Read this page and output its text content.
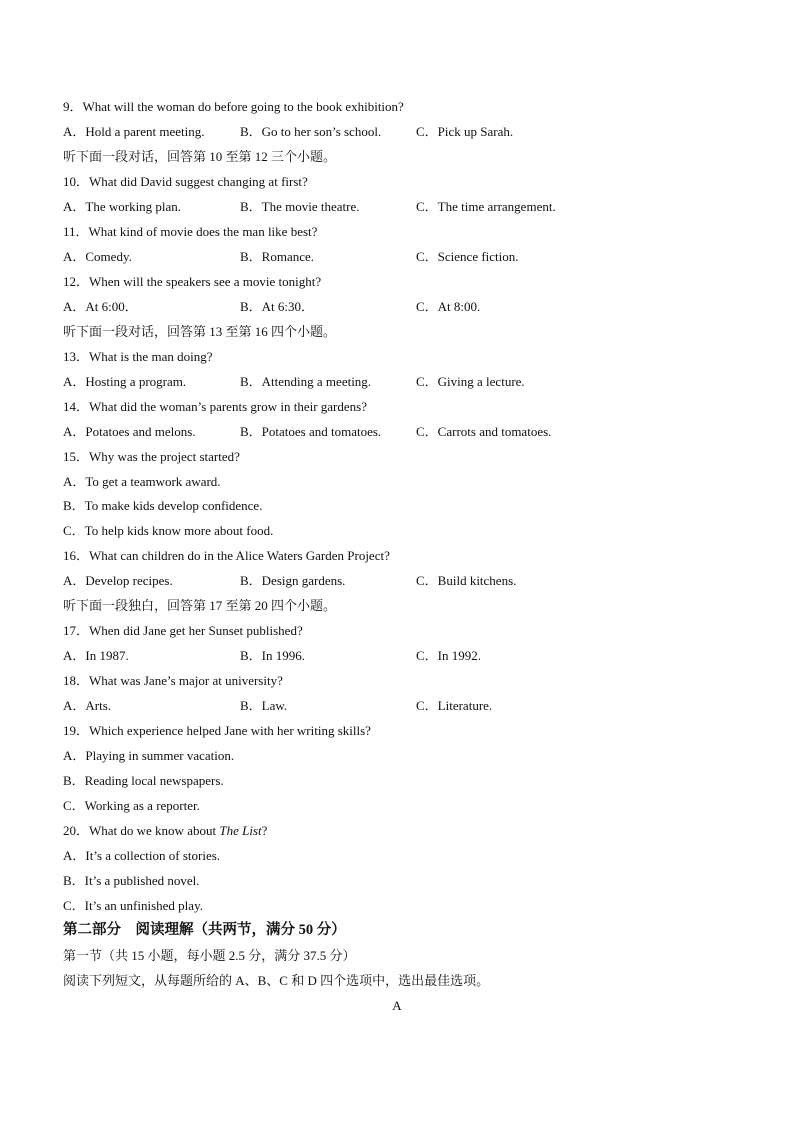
9．What will the woman do before going to the book exhibition?
A．Hold a parent meeting.	B．Go to her son’s school.	C．Pick up Sarah.
听下面一段对话，回答第 10 至第 12 三个小题。
10．What did David suggest changing at first?
A．The working plan.	B．The movie theatre.	C．The time arrangement.
11．What kind of movie does the man like best?
A．Comedy.	B．Romance.	C．Science fiction.
12．When will the speakers see a movie tonight?
A．At 6:00．	B．At 6:30．	C．At 8:00.
听下面一段对话，回答第 13 至第 16 四个小题。
13．What is the man doing?
A．Hosting a program.	B．Attending a meeting.	C．Giving a lecture.
14．What did the woman’s parents grow in their gardens?
A．Potatoes and melons.	B．Potatoes and tomatoes.	C．Carrots and tomatoes.
15．Why was the project started?
A．To get a teamwork award.
B．To make kids develop confidence.
C．To help kids know more about food.
16．What can children do in the Alice Waters Garden Project?
A．Develop recipes.	B．Design gardens.	C．Build kitchens.
听下面一段独白，回答第 17 至第 20 四个小题。
17．When did Jane get her Sunset published?
A．In 1987.	B．In 1996.	C．In 1992.
18．What was Jane’s major at university?
A．Arts.	B．Law.	C．Literature.
19．Which experience helped Jane with her writing skills?
A．Playing in summer vacation.
B．Reading local newspapers.
C．Working as a reporter.
20．What do we know about The List?
A．It’s a collection of stories.
B．It’s a published novel.
C．It’s an unfinished play.
第二部分　阅读理解（共两节，满分 50 分）
第一节（共 15 小题，每小题 2.5 分，满分 37.5 分）
阅读下列短文，从每题所给的 A、B、C 和 D 四个选项中，选出最佳选项。
A
